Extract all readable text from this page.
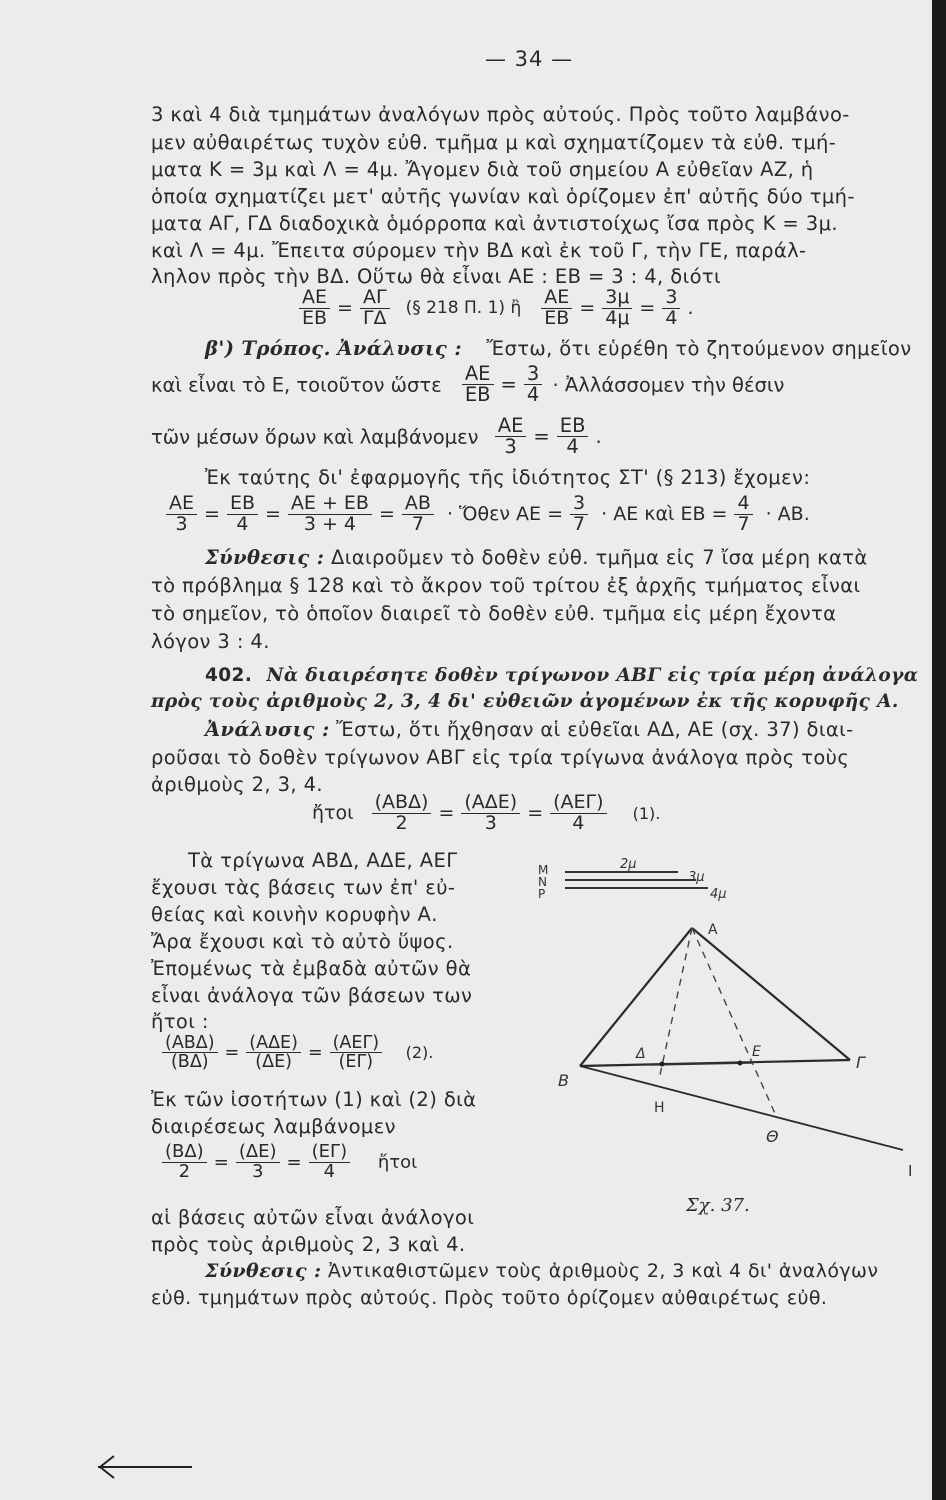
— 34 —
3 καὶ 4 διὰ τμημάτων ἀναλόγων πρὸς αὐτούς. Πρὸς τοῦτο λαμβάνο-
μεν αὐθαιρέτως τυχὸν εὐθ. τμῆμα μ καὶ σχηματίζομεν τὰ εὐθ. τμή-
ματα Κ = 3μ καὶ Λ = 4μ. Ἄγομεν διὰ τοῦ σημείου Α εὐθεῖαν ΑΖ, ἡ
ὁποία σχηματίζει μετ' αὐτῆς γωνίαν καὶ ὁρίζομεν ἐπ' αὐτῆς δύο τμή-
ματα ΑΓ, ΓΔ διαδοχικὰ ὁμόρροπα καὶ ἀντιστοίχως ἴσα πρὸς Κ = 3μ.
καὶ Λ = 4μ. Ἔπειτα σύρομεν τὴν ΒΔ καὶ ἐκ τοῦ Γ, τὴν ΓΕ, παράλ-
ληλον πρὸς τὴν ΒΔ. Οὕτω θὰ εἶναι ΑΕ : ΕΒ = 3 : 4, διότι
$\frac{AE}{EB} = \frac{A\Gamma}{\Gamma\Delta}$ (§ 218 Π. 1) ἢ $\frac{AE}{EB} = \frac{3\mu}{4\mu} = \frac{3}{4}$ .
β') Τρόπος. Ἀνάλυσις : Ἔστω, ὅτι εὑρέθη τὸ ζητούμενον σημεῖον
καὶ εἶναι τὸ Ε, τοιοῦτον ὥστε $\frac{AE}{EB} = \frac{3}{4}$ · Ἀλλάσσομεν τὴν θέσιν
τῶν μέσων ὅρων καὶ λαμβάνομεν $\frac{AE}{3} = \frac{EB}{4}$ .
Ἐκ ταύτης δι' ἐφαρμογῆς τῆς ἰδιότητος ΣΤ' (§ 213) ἔχομεν:
$\frac{AE}{3} = \frac{EB}{4} = \frac{AE + EB}{3 + 4} = \frac{AB}{7}$ · Ὅθεν $AE = \frac{3}{7} \cdot AE$ καὶ $EB = \frac{4}{7} \cdot AB$.
Σύνθεσις : Διαιροῦμεν τὸ δοθὲν εὐθ. τμῆμα εἰς 7 ἴσα μέρη κατὰ
τὸ πρόβλημα § 128 καὶ τὸ ἄκρον τοῦ τρίτου ἐξ ἀρχῆς τμήματος εἶναι
τὸ σημεῖον, τὸ ὁποῖον διαιρεῖ τὸ δοθὲν εὐθ. τμῆμα εἰς μέρη ἔχοντα
λόγον 3 : 4.
402. Νὰ διαιρέσητε δοθὲν τρίγωνον ΑΒΓ εἰς τρία μέρη ἀνάλογα
πρὸς τοὺς ἀριθμοὺς 2, 3, 4 δι' εὐθειῶν ἀγομένων ἐκ τῆς κορυφῆς Α.
Ἀνάλυσις : Ἔστω, ὅτι ἤχθησαν αἱ εὐθεῖαι ΑΔ, ΑΕ (σχ. 37) διαι-
ροῦσαι τὸ δοθὲν τρίγωνον ΑΒΓ εἰς τρία τρίγωνα ἀνάλογα πρὸς τοὺς
ἀριθμοὺς 2, 3, 4.
ἤτοι $\frac{\text{(ΑΒΔ)}}{2} = \frac{\text{(ΑΔΕ)}}{3} = \frac{\text{(ΑΕΓ)}}{4} (1)$.
Τὰ τρίγωνα ΑΒΔ, ΑΔΕ, ΑΕΓ
ἔχουσι τὰς βάσεις των ἐπ' εὐ-
θείας καὶ κοινὴν κορυφὴν Α.
Ἄρα ἔχουσι καὶ τὸ αὐτὸ ὕψος.
Ἐπομένως τὰ ἐμβαδὰ αὐτῶν θὰ
εἶναι ἀνάλογα τῶν βάσεων των
ἤτοι :
$\frac{\text{(ΑΒΔ)}}{(B\Delta)} = \frac{\text{(ΑΔΕ)}}{(\Delta E)} = \frac{\text{(ΑΕΓ)}}{(E\Gamma)} (2)$.
Ἐκ τῶν ἰσοτήτων (1) καὶ (2) διὰ
διαιρέσεως λαμβάνομεν
$\frac{(B\Delta)}{2} = \frac{(\Delta E)}{3} = \frac{(E\Gamma)}{4}$ ἤτοι
αἱ βάσεις αὐτῶν εἶναι ἀνάλογοι
πρὸς τοὺς ἀριθμοὺς 2, 3 καὶ 4.
Σύνθεσις : Ἀντικαθιστῶμεν τοὺς ἀριθμοὺς 2, 3 καὶ 4 δι' ἀναλόγων
εὐθ. τμημάτων πρὸς αὐτούς. Πρὸς τοῦτο ὁρίζομεν αὐθαιρέτως εὐθ.
Μ
Ν
Ρ
2μ
3μ
4μ
Α
Β
Γ
Δ	Ε
Η
Θ
Ι
Σχ. 37.
